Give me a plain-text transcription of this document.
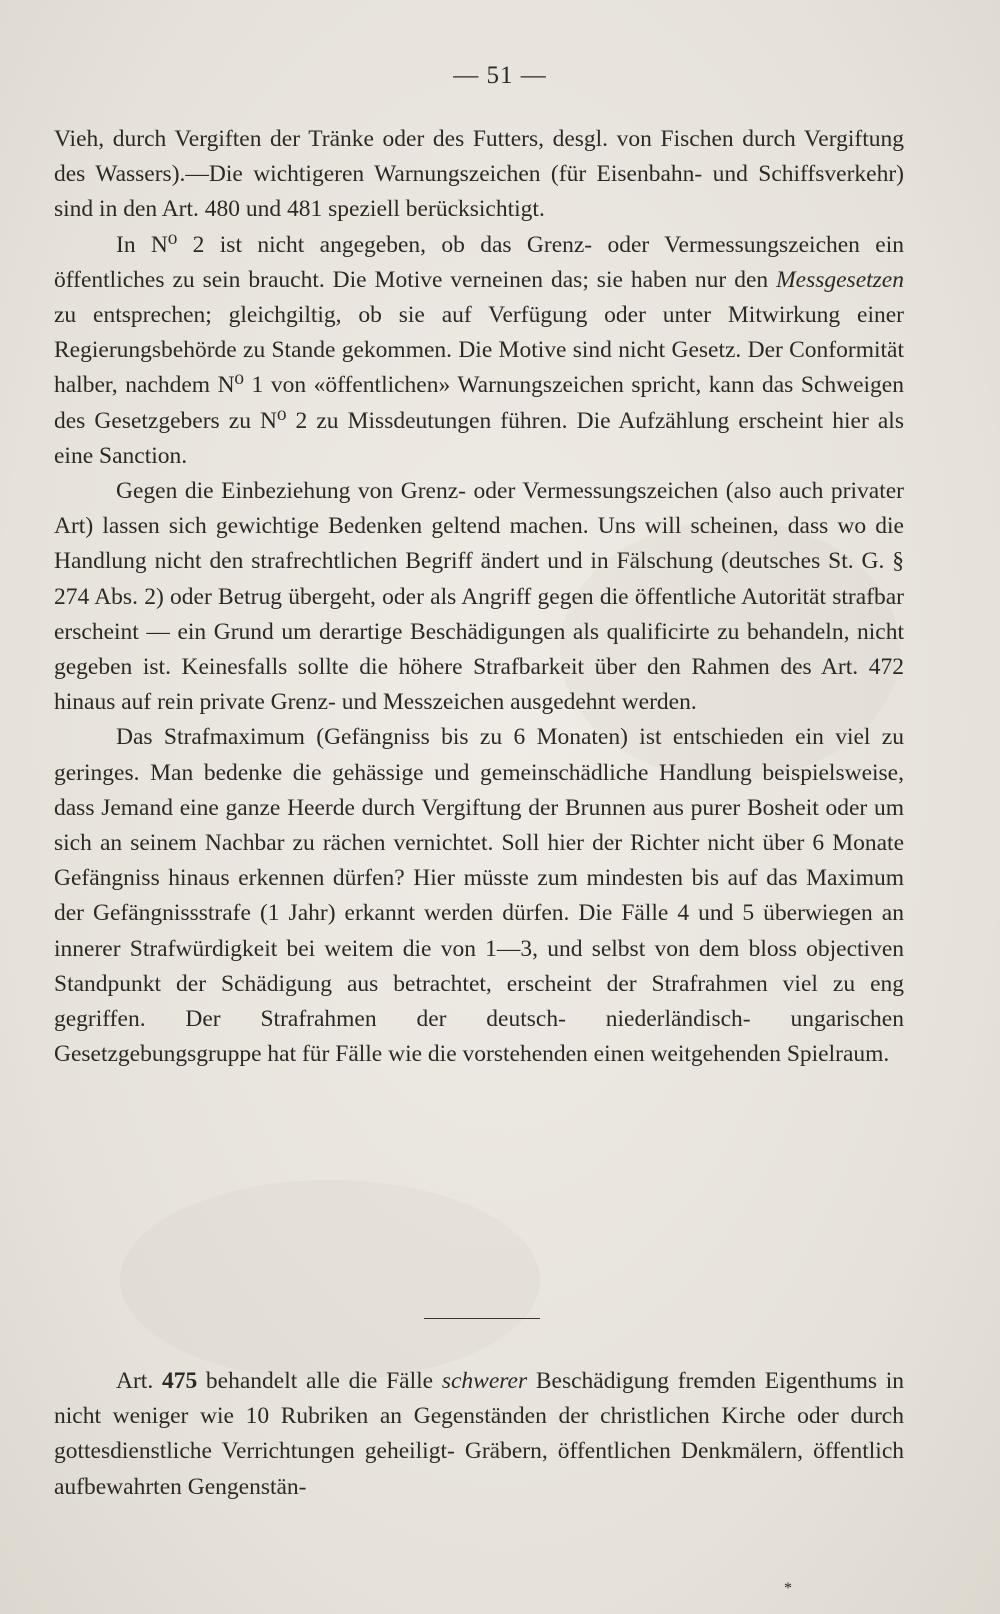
— 51 —

Vieh, durch Vergiften der Tränke oder des Futters, desgl. von Fischen durch Vergiftung des Wassers).—Die wichtigeren Warnungszeichen (für Eisenbahn- und Schiffsverkehr) sind in den Art. 480 und 481 speziell berücksichtigt.

In N⁰ 2 ist nicht angegeben, ob das Grenz- oder Vermessungszeichen ein öffentliches zu sein braucht. Die Motive verneinen das; sie haben nur den Messgesetzen zu entsprechen; gleichgiltig, ob sie auf Verfügung oder unter Mitwirkung einer Regierungsbehörde zu Stande gekommen. Die Motive sind nicht Gesetz. Der Conformität halber, nachdem N⁰ 1 von «öffentlichen» Warnungszeichen spricht, kann das Schweigen des Gesetzgebers zu N⁰ 2 zu Missdeutungen führen. Die Aufzählung erscheint hier als eine Sanction.

Gegen die Einbeziehung von Grenz- oder Vermessungszeichen (also auch privater Art) lassen sich gewichtige Bedenken geltend machen. Uns will scheinen, dass wo die Handlung nicht den strafrechtlichen Begriff ändert und in Fälschung (deutsches St. G. § 274 Abs. 2) oder Betrug übergeht, oder als Angriff gegen die öffentliche Autorität strafbar erscheint — ein Grund um derartige Beschädigungen als qualificirte zu behandeln, nicht gegeben ist. Keinesfalls sollte die höhere Strafbarkeit über den Rahmen des Art. 472 hinaus auf rein private Grenz- und Messzeichen ausgedehnt werden.

Das Strafmaximum (Gefängniss bis zu 6 Monaten) ist entschieden ein viel zu geringes. Man bedenke die gehässige und gemeinschädliche Handlung beispielsweise, dass Jemand eine ganze Heerde durch Vergiftung der Brunnen aus purer Bosheit oder um sich an seinem Nachbar zu rächen vernichtet. Soll hier der Richter nicht über 6 Monate Gefängniss hinaus erkennen dürfen? Hier müsste zum mindesten bis auf das Maximum der Gefängnissstrafe (1 Jahr) erkannt werden dürfen. Die Fälle 4 und 5 überwiegen an innerer Strafwürdigkeit bei weitem die von 1—3, und selbst von dem bloss objectiven Standpunkt der Schädigung aus betrachtet, erscheint der Strafrahmen viel zu eng gegriffen. Der Strafrahmen der deutsch- niederländisch- ungarischen Gesetzgebungsgruppe hat für Fälle wie die vorstehenden einen weitgehenden Spielraum.

Art. 475 behandelt alle die Fälle schwerer Beschädigung fremden Eigenthums in nicht weniger wie 10 Rubriken an Gegenständen der christlichen Kirche oder durch gottesdienstliche Verrichtungen geheiligt- Gräbern, öffentlichen Denkmälern, öffentlich aufbewahrten Gengenstän-

*
